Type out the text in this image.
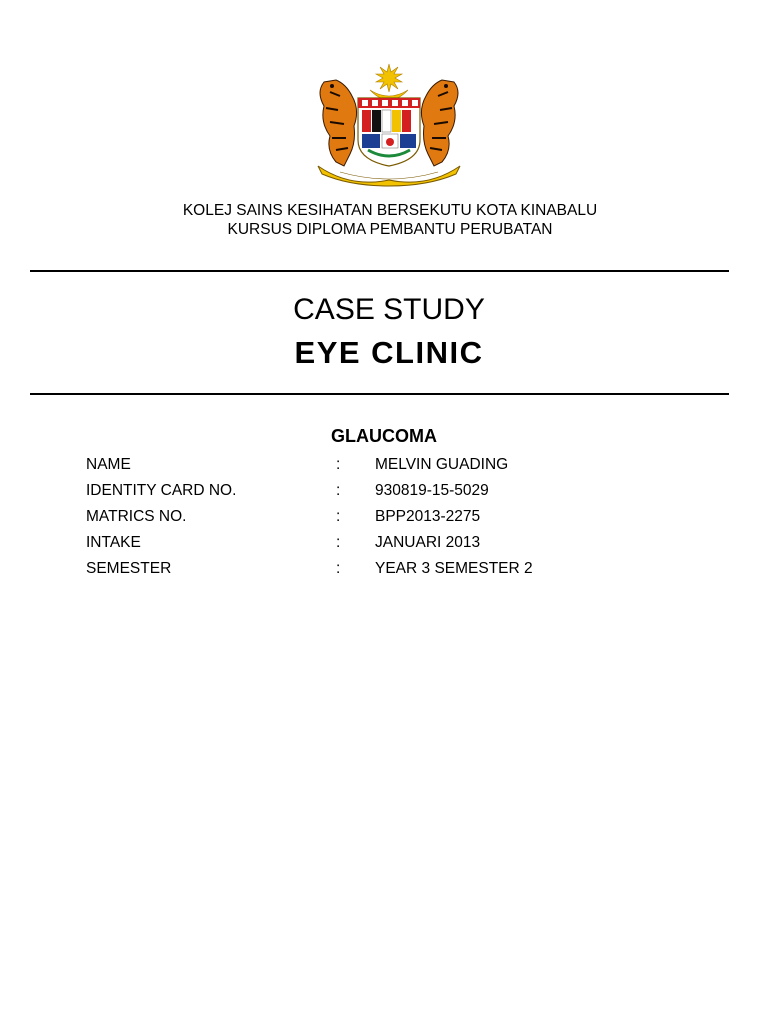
KOLEJ SAINS KESIHATAN BERSEKUTU KOTA KINABALU
KURSUS DIPLOMA PEMBANTU PERUBATAN
CASE STUDY
EYE CLINIC
GLAUCOMA
NAME	: MELVIN GUADING
IDENTITY CARD NO.	: 930819-15-5029
MATRICS NO.	: BPP2013-2275
INTAKE	: JANUARI 2013
SEMESTER	: YEAR 3 SEMESTER 2
